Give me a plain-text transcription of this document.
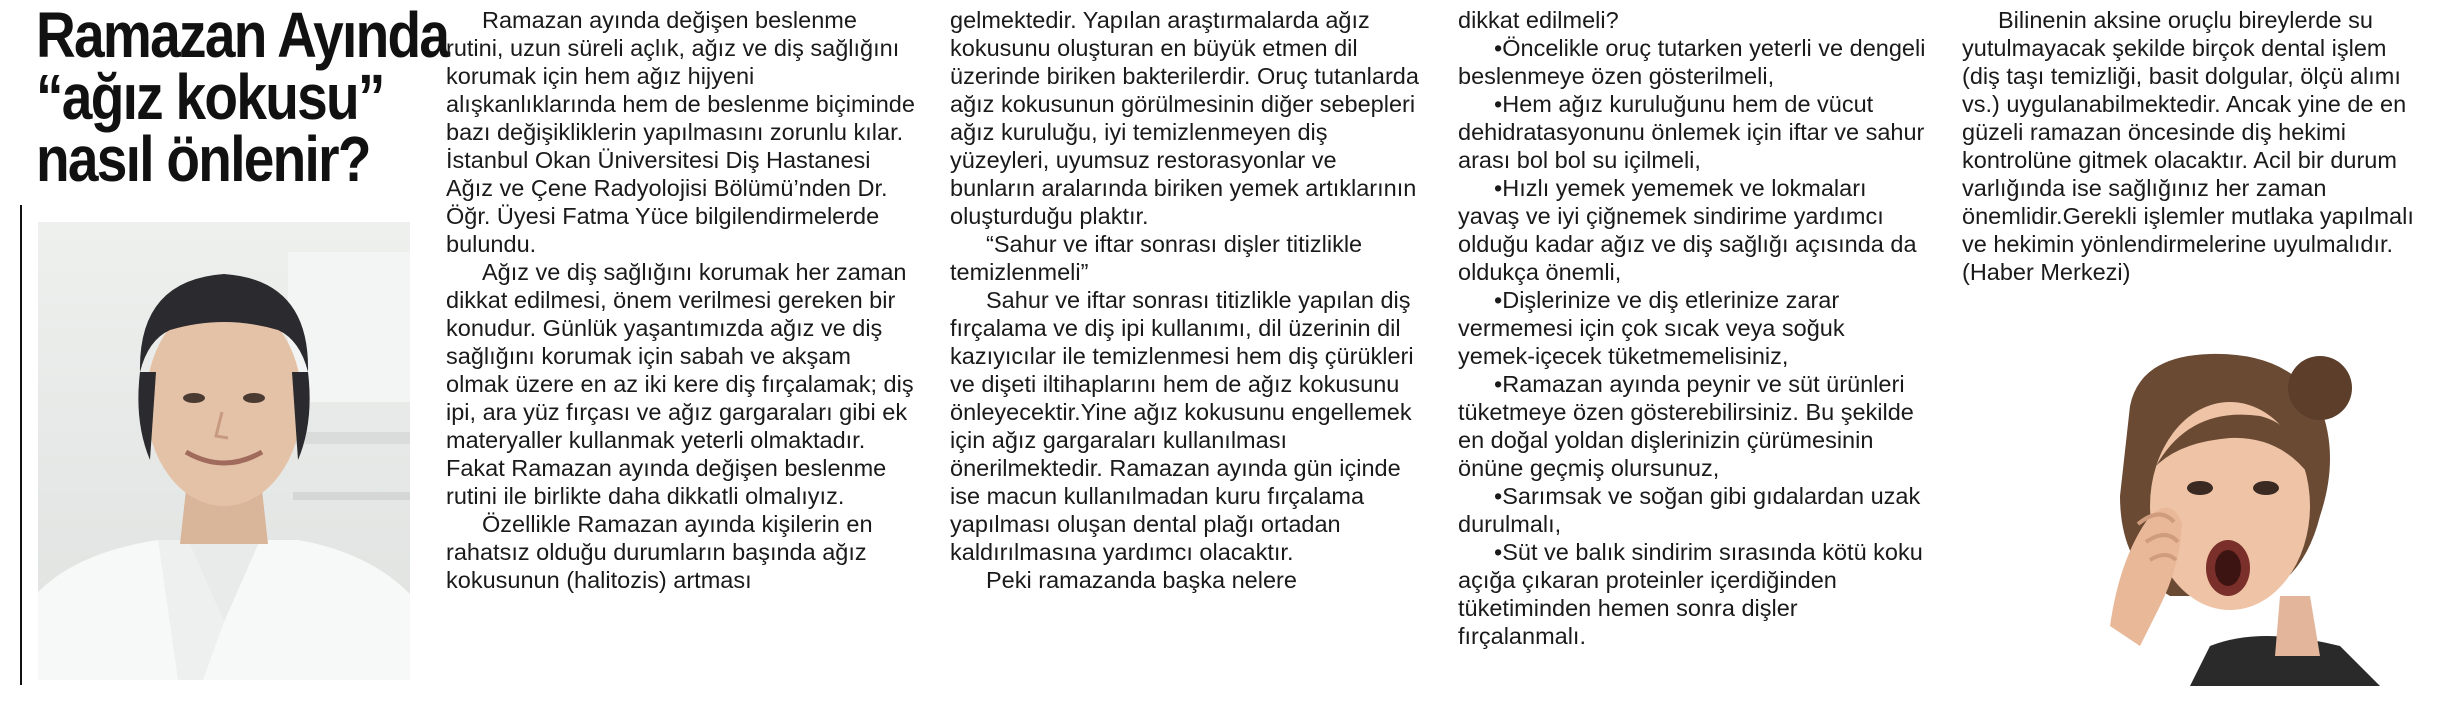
Ramazan Ayında
“ağız kokusu”
nasıl önlenir?

Ramazan ayında değişen beslenme rutini, uzun süreli açlık, ağız ve diş sağlığını korumak için hem ağız hijyeni alışkanlıklarında hem de beslenme biçiminde bazı değişikliklerin yapılmasını zorunlu kılar. İstanbul Okan Üniversitesi Diş Hastanesi Ağız ve Çene Radyolojisi Bölümü’nden Dr. Öğr. Üyesi Fatma Yüce bilgilendirmelerde bulundu.

Ağız ve diş sağlığını korumak her zaman dikkat edilmesi, önem verilmesi gereken bir konudur. Günlük yaşantımızda ağız ve diş sağlığını korumak için sabah ve akşam olmak üzere en az iki kere diş fırçalamak; diş ipi, ara yüz fırçası ve ağız gargaraları gibi ek materyaller kullanmak yeterli olmaktadır. Fakat Ramazan ayında değişen beslenme rutini ile birlikte daha dikkatli olmalıyız.

Özellikle Ramazan ayında kişilerin en rahatsız olduğu durumların başında ağız kokusunun (halitozis) artması

gelmektedir. Yapılan araştırmalarda ağız kokusunu oluşturan en büyük etmen dil üzerinde biriken bakterilerdir. Oruç tutanlarda ağız kokusunun görülmesinin diğer sebepleri ağız kuruluğu, iyi temizlenmeyen diş yüzeyleri, uyumsuz restorasyonlar ve bunların aralarında biriken yemek artıklarının oluşturduğu plaktır.

“Sahur ve iftar sonrası dişler titizlikle temizlenmeli”

Sahur ve iftar sonrası titizlikle yapılan diş fırçalama ve diş ipi kullanımı, dil üzerinin dil kazıyıcılar ile temizlenmesi hem diş çürükleri ve dişeti iltihaplarını hem de ağız kokusunu önleyecektir.Yine ağız kokusunu engellemek için ağız gargaraları kullanılması önerilmektedir. Ramazan ayında gün içinde ise macun kullanılmadan kuru fırçalama yapılması oluşan dental plağı ortadan kaldırılmasına yardımcı olacaktır.

Peki ramazanda başka nelere

dikkat edilmeli?

•Öncelikle oruç tutarken yeterli ve dengeli beslenmeye özen gösterilmeli,

•Hem ağız kuruluğunu hem de vücut dehidratasyonunu önlemek için iftar ve sahur arası bol bol su içilmeli,

•Hızlı yemek yememek ve lokmaları yavaş ve iyi çiğnemek sindirime yardımcı olduğu kadar ağız ve diş sağlığı açısında da oldukça önemli,

•Dişlerinize ve diş etlerinize zarar vermemesi için çok sıcak veya soğuk yemek-içecek tüketmemelisiniz,

•Ramazan ayında peynir ve süt ürünleri tüketmeye özen gösterebilirsiniz. Bu şekilde en doğal yoldan dişlerinizin çürümesinin önüne geçmiş olursunuz,

•Sarımsak ve soğan gibi gıdalardan uzak durulmalı,

•Süt ve balık sindirim sırasında kötü koku açığa çıkaran proteinler içerdiğinden tüketiminden hemen sonra dişler fırçalanmalı.

Bilinenin aksine oruçlu bireylerde su yutulmayacak şekilde birçok dental işlem (diş taşı temizliği, basit dolgular, ölçü alımı vs.) uygulanabilmektedir. Ancak yine de en güzeli ramazan öncesinde diş hekimi kontrolüne gitmek olacaktır. Acil bir durum varlığında ise sağlığınız her zaman önemlidir.Gerekli işlemler mutlaka yapılmalı ve hekimin yönlendirmelerine uyulmalıdır. (Haber Merkezi)
